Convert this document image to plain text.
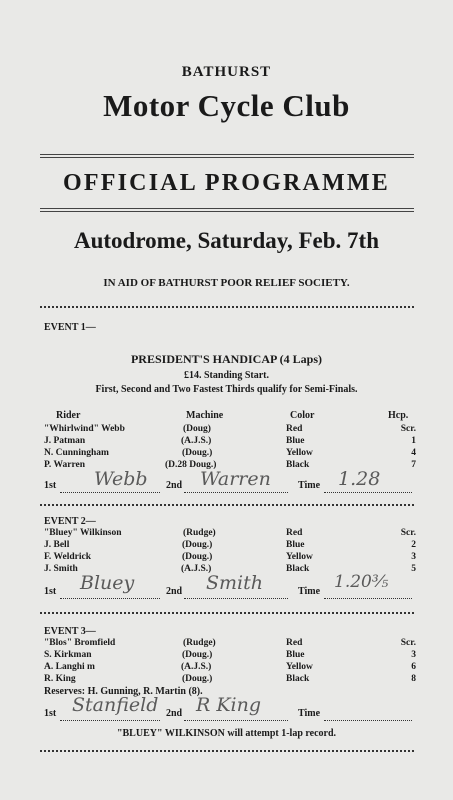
BATHURST
Motor Cycle Club
OFFICIAL PROGRAMME
Autodrome, Saturday, Feb. 7th
IN AID OF BATHURST POOR RELIEF SOCIETY.
EVENT 1—
PRESIDENT'S HANDICAP (4 Laps)
£14. Standing Start.
First, Second and Two Fastest Thirds qualify for Semi-Finals.
Rider	Machine	Color	Hcp.
"Whirlwind" Webb	(Doug)	Red	Scr.
J. Patman	(A.J.S.)	Blue	1
N. Cunningham	(Doug.)	Yellow	4
P. Warren	(D.28 Doug.)	Black	7
1st Webb 2nd Warren	Time 1.28
EVENT 2—
"Bluey" Wilkinson	(Rudge)	Red	Scr.
J. Bell	(Doug.)	Blue	2
F. Weldrick	(Doug.)	Yellow	3
J. Smith	(A.J.S.)	Black	5
1st Bluey	2nd Smith	Time 1.20⅗
EVENT 3—
"Blos" Bromfield	(Rudge)	Red	Scr.
S. Kirkman	(Doug.)	Blue	3
A. Langhi m	(A.J.S.)	Yellow	6
R. King	(Doug.)	Black	8
Reserves: H. Gunning, R. Martin (8).
1st Stanfield 2nd R King	Time
"BLUEY" WILKINSON will attempt 1-lap record.
